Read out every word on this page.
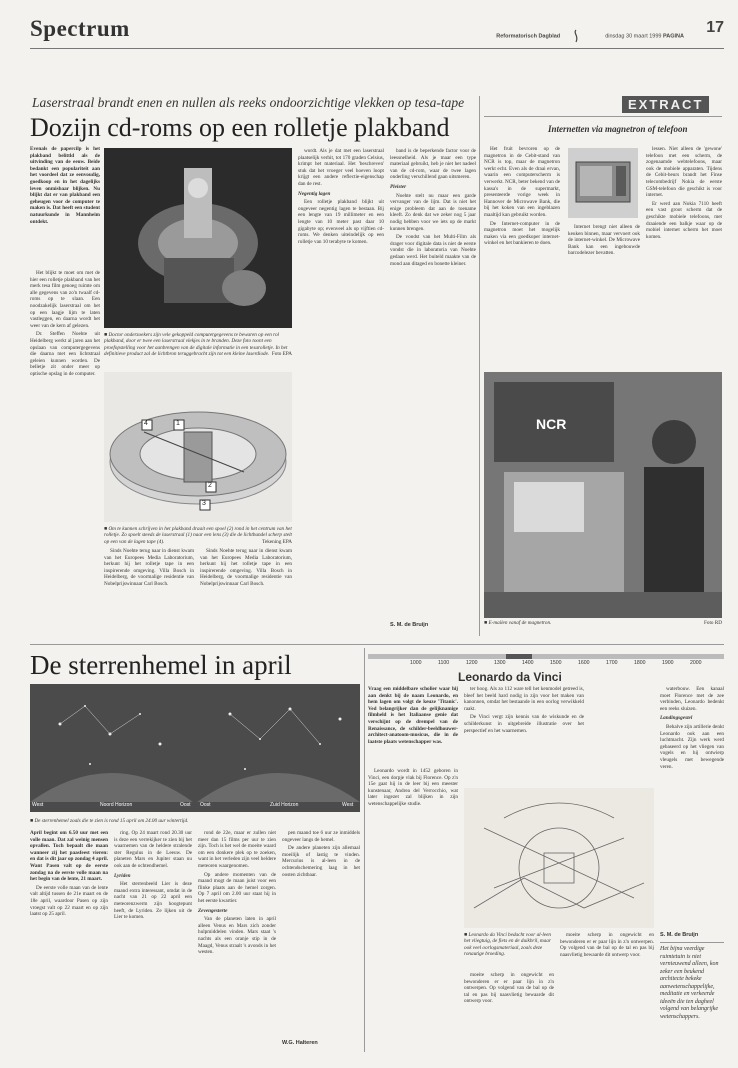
Spectrum	Reformatorisch Dagblad	dinsdag 30 maart 1999 PAGINA
17
Laserstraal brandt enen en nullen als reeks ondoorzichtige vlekken op tesa-tape
Dozijn cd-roms op een rolletje plakband

Evenals de papercilp is het plakband belittld als de uitvinding van de eeuw. Beide bedankt een populariteit aan het voordeel dat ze eenvoudig, goedkoop en in het dagelijks leven onmisbaar blijken. Nu blijkt dat er van plakband een geheugen voor de computer te maken is. Dat heeft een student natuurkunde in Mannheim ontdekt.

Het blijkt te moet om met de hier een rolletje plakband van het merk tesa film genoeg ruimte om alle gegevens van zo'n twaalf cd-roms op te slaan. Een noodzakelijk laserstraal om het op een laagje lijm te laten vastleggen, en daarna wordt het weer van de kern af gelezen.

Dr. Steffen Noehte uit Heidelberg werkt al jaren aan het opslaan van computergegevens die daarna met een lichtstraal geleien kunnen worden. De belletje zit onder meer op optische opslag in de computer.

■ Doctor onderzoekers zijn vele gekoppeld computergegevens te bewaren op een rol plakband, door er twee een laserstraal vlekjes in te branden. Deze foto toont een proefopstelling voor het aanbrengen van de digitale informatie in een tesarolletje. In het definitieve product zal de lichtbron teruggebracht zijn tot een kleine laserdiode. Foto EPA
4	1
2
3
■ Om te kunnen schrijven in het plakband draait een spoel (2) rond in het centrum van het rolletje. Zo spoelt steeds de laserstraal (1) naar een lens (3) die de lichtbundel scherp stelt op een van de lagen tape (4).	Tekening EPA

Sinds Noehte terug naar in dienst kwam van het Europees Media Laboratorium, herkunt hij het rolletje tape in een inspirerende omgeving. Villa Bosch in Heidelberg, de voormalige residentie van Nobelprijswinnaar Carl Bosch.

Sinds Noehte terug naar in dienst kwam van het Europees Media Laboratorium, herkunt hij het rolletje tape in een inspirerende omgeving. Villa Bosch in Heidelberg, de voormalige residentie van Nobelprijswinnaar Carl Bosch.

wordt. Als je dat met een laserstraal plaatselijk verhit, tot 170 graden Celsius, krimpt het materiaal. Het 'beschreven' stuk dat het vroeger veel hoeven loopt krijgt een andere reflectie-eigenschap dan de rest.

Negentig lagen

Een rolletje plakband blijkt uit ongeveer negentig lagen te bestaan. Bij een lengte van 19 millimeter en een lengte van 10 meter past daar 10 gigabyte op; evenveel als op vijftien cd-roms. We denken uiteindelijk op een rolletje van 10 terabyte te komen.

band is de beperkende factor voor de leessnelheid. Als je maar een type materiaal gebruikt, heb je niet het nadeel van de cd-rom, waar de twee lagen onderling verschillend gaan uitsmeren.

Pleister

Noehte stelt nu maar een garde vervanger van de lijm. Dat is niet het enige probleem dat aan de toename kleeft. Zo denk dat we zeker nog 5 jaar nodig hebben voor we iets op de markt kunnen brengen.

De vondst van het Multi-Film als drager voor digitale data is niet de eerste vondst die in laboratoria van Noehte gedaan werd. Het buiteld maakte van de mond aan ditaged en bonette kleiner.

S. M. de Bruijn
EXTRACT
Internetten via magnetron of telefoon

Het fruit bevroren op de magnetron in de Cebit-stand van NCR is top, maar de magnetron werkt echt. Even als de draai ervan, waarin een computerscherm is verwerkt. NCR, beter bekend van de kassa's in de supermarkt, presenteerde vorige week in Hannover de Microwave Bank, die bij het koken van een ingeblazen maaltijd kan gebruikt worden.

De Internet-computer in de magnetron moet het mogelijk maken via een goedkoper internet-winkel en het bankieren te doen.

Internet brengt niet alleen de keuken binnen, maar vervoert ook de internet-winkel. De Microwave Bank kan een ingebouwde barcodelezer bevatten.

lessen. Niet alleen de 'gewone' telefoon met een scherm, de zogenaamde webtelefoons, maar ook de mobiele apparaten. Tijdens de Cebit-beurs brandt het Finse telecombedrijf Nokia de eerste GSM-telefoon die geschikt is voor internet.

Er werd aan Nokia 7110 heeft een vast groot scherm dat de geschikte mobiele telefoons, met draaiende een balkje waar op de mobiel internet scherm het moet komen.

NCR
■ E-mailen vanaf de magnetron.	Foto RD
De sterrenhemel in april
West	Noord Horizon	Oost Oost	Zuid Horizon	West
■ De sterrenhemel zoals die te zien is rond 15 april om 24.00 uur wintertijd.

April begint om 6.50 uur met een volle maan. Dat zal weinig mensen opvallen. Toch bepaalt die maan wanneer zij het paasfeest vieren: en dat is dit jaar op zondag 4 april. Want Pasen valt op de eerste zondag na de eerste volle maan na het begin van de lente, 21 maart.

De eerste volle maan van de lente valt altijd tussen de 21e maart en de 18e april, waardoor Pasen op zijn vroegst valt op 22 maart en op zijn laatst op 25 april.

ring. Op 24 maart rond 20.30 uur is deze een verrekijker te zien bij het waarnemen van de heldere stralende ster Regulus in de Leeuw. De planeten Mars en Jupiter staan nu ook aan de ochtendhemel.

Lyriden

Het sterrenbeeld Lier is deze maand extra interessant, omdat in de nacht van 21 op 22 april een meteorenzwerm zijn hoogtepunt heeft, de Lyriden. Ze lijken uit de Lier te komen.

rond de 22e, maar er zullen niet meer dan 15 films per uur te zien zijn. Toch is het wel de moeite waard om een donkere plek op te zoeken, want in het verleden zijn veel heldere meteoren waargenomen.

Op andere momenten van de maand mogt de maan juist voor een flinke plaats aan de hemel zorgen. Op 7 april om 2.00 uur staat hij in het eerste kwartier.

Zevengesterte

Van de planeten laten in april alleen Venus en Mars zich zonder hulpmiddelen vinden. Mars staat 's nachts als een oranje stip in de Maagd, Venus straalt 's avonds in het westen.

pen maand toe 6 uur ze inmiddels ongeveer langs de hemel.

De andere planeten zijn allemaal moeilijk of lastig te vinden. Mercurius is al-leen in de ochtendschemering laag in het oosten zichtbaar.

W.G. Halteren
1000	1100	1200	1300	1400	1500	1600	1700	1800	1900	2000
Leonardo da Vinci

Vraag een middelbare scholier waar hij aan denkt bij de naam Leonardo, en hem lagen om volgt de keuze 'Titanic'. Ved belangrijker dan de gelijknamige filmheld is het Italiaanse genie dat verschijnt op de drempel van de Renaissance, de schilder-beeldhouwer-architect-anatoom-musicus, die in de laatste plaats wetenschapper was.

Leonardo wordt in 1452 geboren in Vinci, een dorpje vlak bij Florence. Op z'n 15e gaat hij in de leer bij een meester kunstenaar, Andrea del Verrocchio, wat later ingezet zal blijken in zijn wetenschappelijke studie.

ter hoog. Als zo 112 ware tell het kenmodel getreed is, bleef het beeld hard nodig in zijn voor het maken van kanonnen, omdat het bestaande in een oorlog verwikkeld raakt.

De Vinci vergt zijn kennis van de wiskunde en de schilderkunst in uitgebreide illustratie over het perspectief en het waarnemen.

waterbouw. Een kanaal moet Florence met de zee verbinden, Leonardo bedenkt een reeks sluizen.

Landingsgestel

Behalve zijn artillerie denkt Leonardo ook aan een luchtmacht. Zijn werk werd gebaseerd op het vliegen van vogels en hij ontwierp vleugels met bewegende veren.

■ Leonardo da Vinci bedacht voor al-leen het vliegtuig, de fiets en de duikbril, maar ook veel oorlogsmateriaal, zoals deze ronautige broeding.

moeite scherp in ongewicht en bewonderen er er paar lijn in z'n ontwerpen. Op volgend van de bal op de tal en pas bij naasvlietig bewaarde dit ontwerp voor.

moeite scherp in ongewicht en bewonderen er er paar lijn in z'n ontwerpen. Op volgend van de bal op de tal en pas bij naasvlietig bewaarde dit ontwerp voor.

S. M. de Bruijn
Het bijna veerdige ruimtetuin is niet vernieuwend alleen, kon zeker een beukend architecte bekeke aanwetenschappelijke, meditatie en verkeerde ideeën die ten dagheel volgend van belangrijke wetenschappers.
